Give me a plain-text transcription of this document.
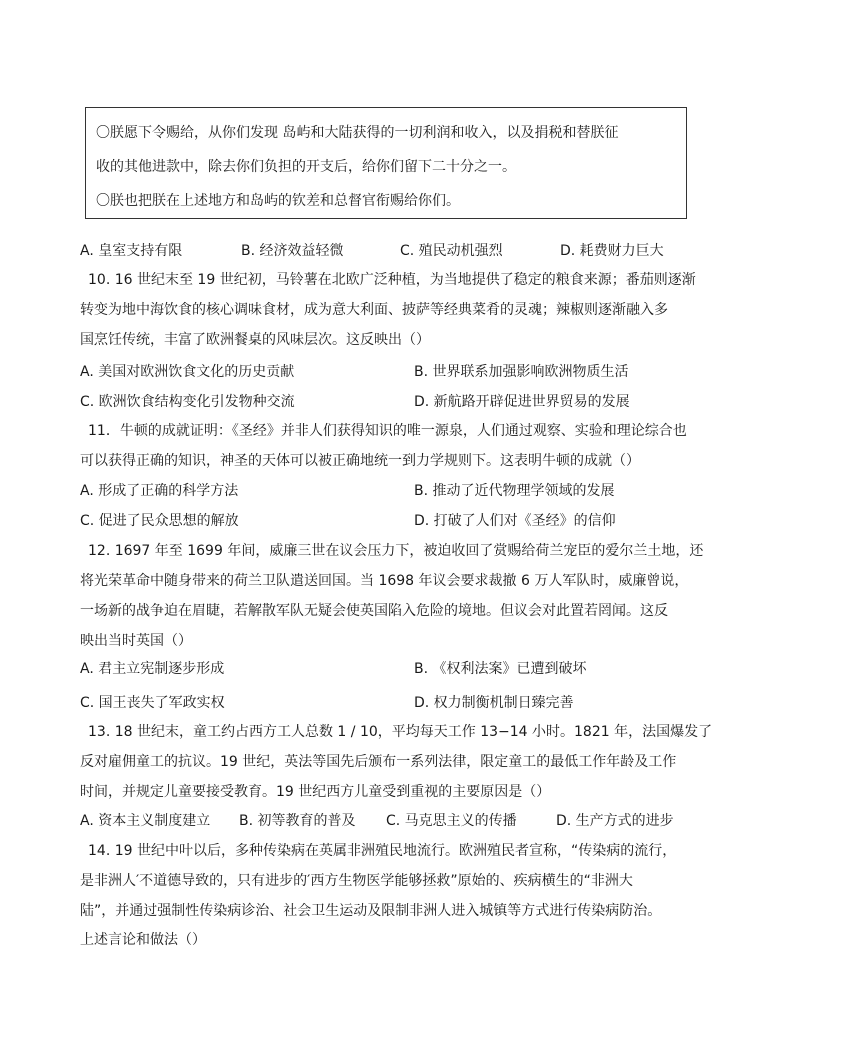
〇朕愿下令赐给，从你们发现 岛屿和大陆获得的一切利润和收入，以及捐税和替朕征
收的其他进款中，除去你们负担的开支后，给你们留下二十分之一。
〇朕也把朕在上述地方和岛屿的钦差和总督官衔赐给你们。
A. 皇室支持有限	B. 经济效益轻微	C. 殖民动机强烈	D. 耗费财力巨大
10. 16 世纪末至 19 世纪初，马铃薯在北欧广泛种植，为当地提供了稳定的粮食来源；番茄则逐渐
转变为地中海饮食的核心调味食材，成为意大利面、披萨等经典菜肴的灵魂；辣椒则逐渐融入多
国烹饪传统，丰富了欧洲餐桌的风味层次。这反映出（）
A. 美国对欧洲饮食文化的历史贡献	B. 世界联系加强影响欧洲物质生活
C. 欧洲饮食结构变化引发物种交流	D. 新航路开辟促进世界贸易的发展
11．牛顿的成就证明：《圣经》并非人们获得知识的唯一源泉，人们通过观察、实验和理论综合也
可以获得正确的知识，神圣的天体可以被正确地统一到力学规则下。这表明牛顿的成就（）
A. 形成了正确的科学方法	B. 推动了近代物理学领域的发展
C. 促进了民众思想的解放	D. 打破了人们对《圣经》的信仰
12. 1697 年至 1699 年间，威廉三世在议会压力下，被迫收回了赏赐给荷兰宠臣的爱尔兰土地，还
将光荣革命中随身带来的荷兰卫队遣送回国。当 1698 年议会要求裁撤 6 万人军队时，威廉曾说，
一场新的战争迫在眉睫，若解散军队无疑会使英国陷入危险的境地。但议会对此置若罔闻。这反
映出当时英国（）
A. 君主立宪制逐步形成	B. 《权利法案》已遭到破坏
C. 国王丧失了军政实权	D. 权力制衡机制日臻完善
13. 18 世纪末，童工约占西方工人总数 1 / 10，平均每天工作 13−14 小时。1821 年，法国爆发了
反对雇佣童工的抗议。19 世纪，英法等国先后颁布一系列法律，限定童工的最低工作年龄及工作
时间，并规定儿童要接受教育。19 世纪西方儿童受到重视的主要原因是（）
A. 资本主义制度建立 B. 初等教育的普及 C. 马克思主义的传播	D. 生产方式的进步
14. 19 世纪中叶以后，多种传染病在英属非洲殖民地流行。欧洲殖民者宣称，“传染病的流行，
是非洲人′不道德导致的，只有进步的′西方生物医学能够拯救”原始的、疾病横生的“非洲大
陆”，并通过强制性传染病诊治、社会卫生运动及限制非洲人进入城镇等方式进行传染病防治。
上述言论和做法（）
